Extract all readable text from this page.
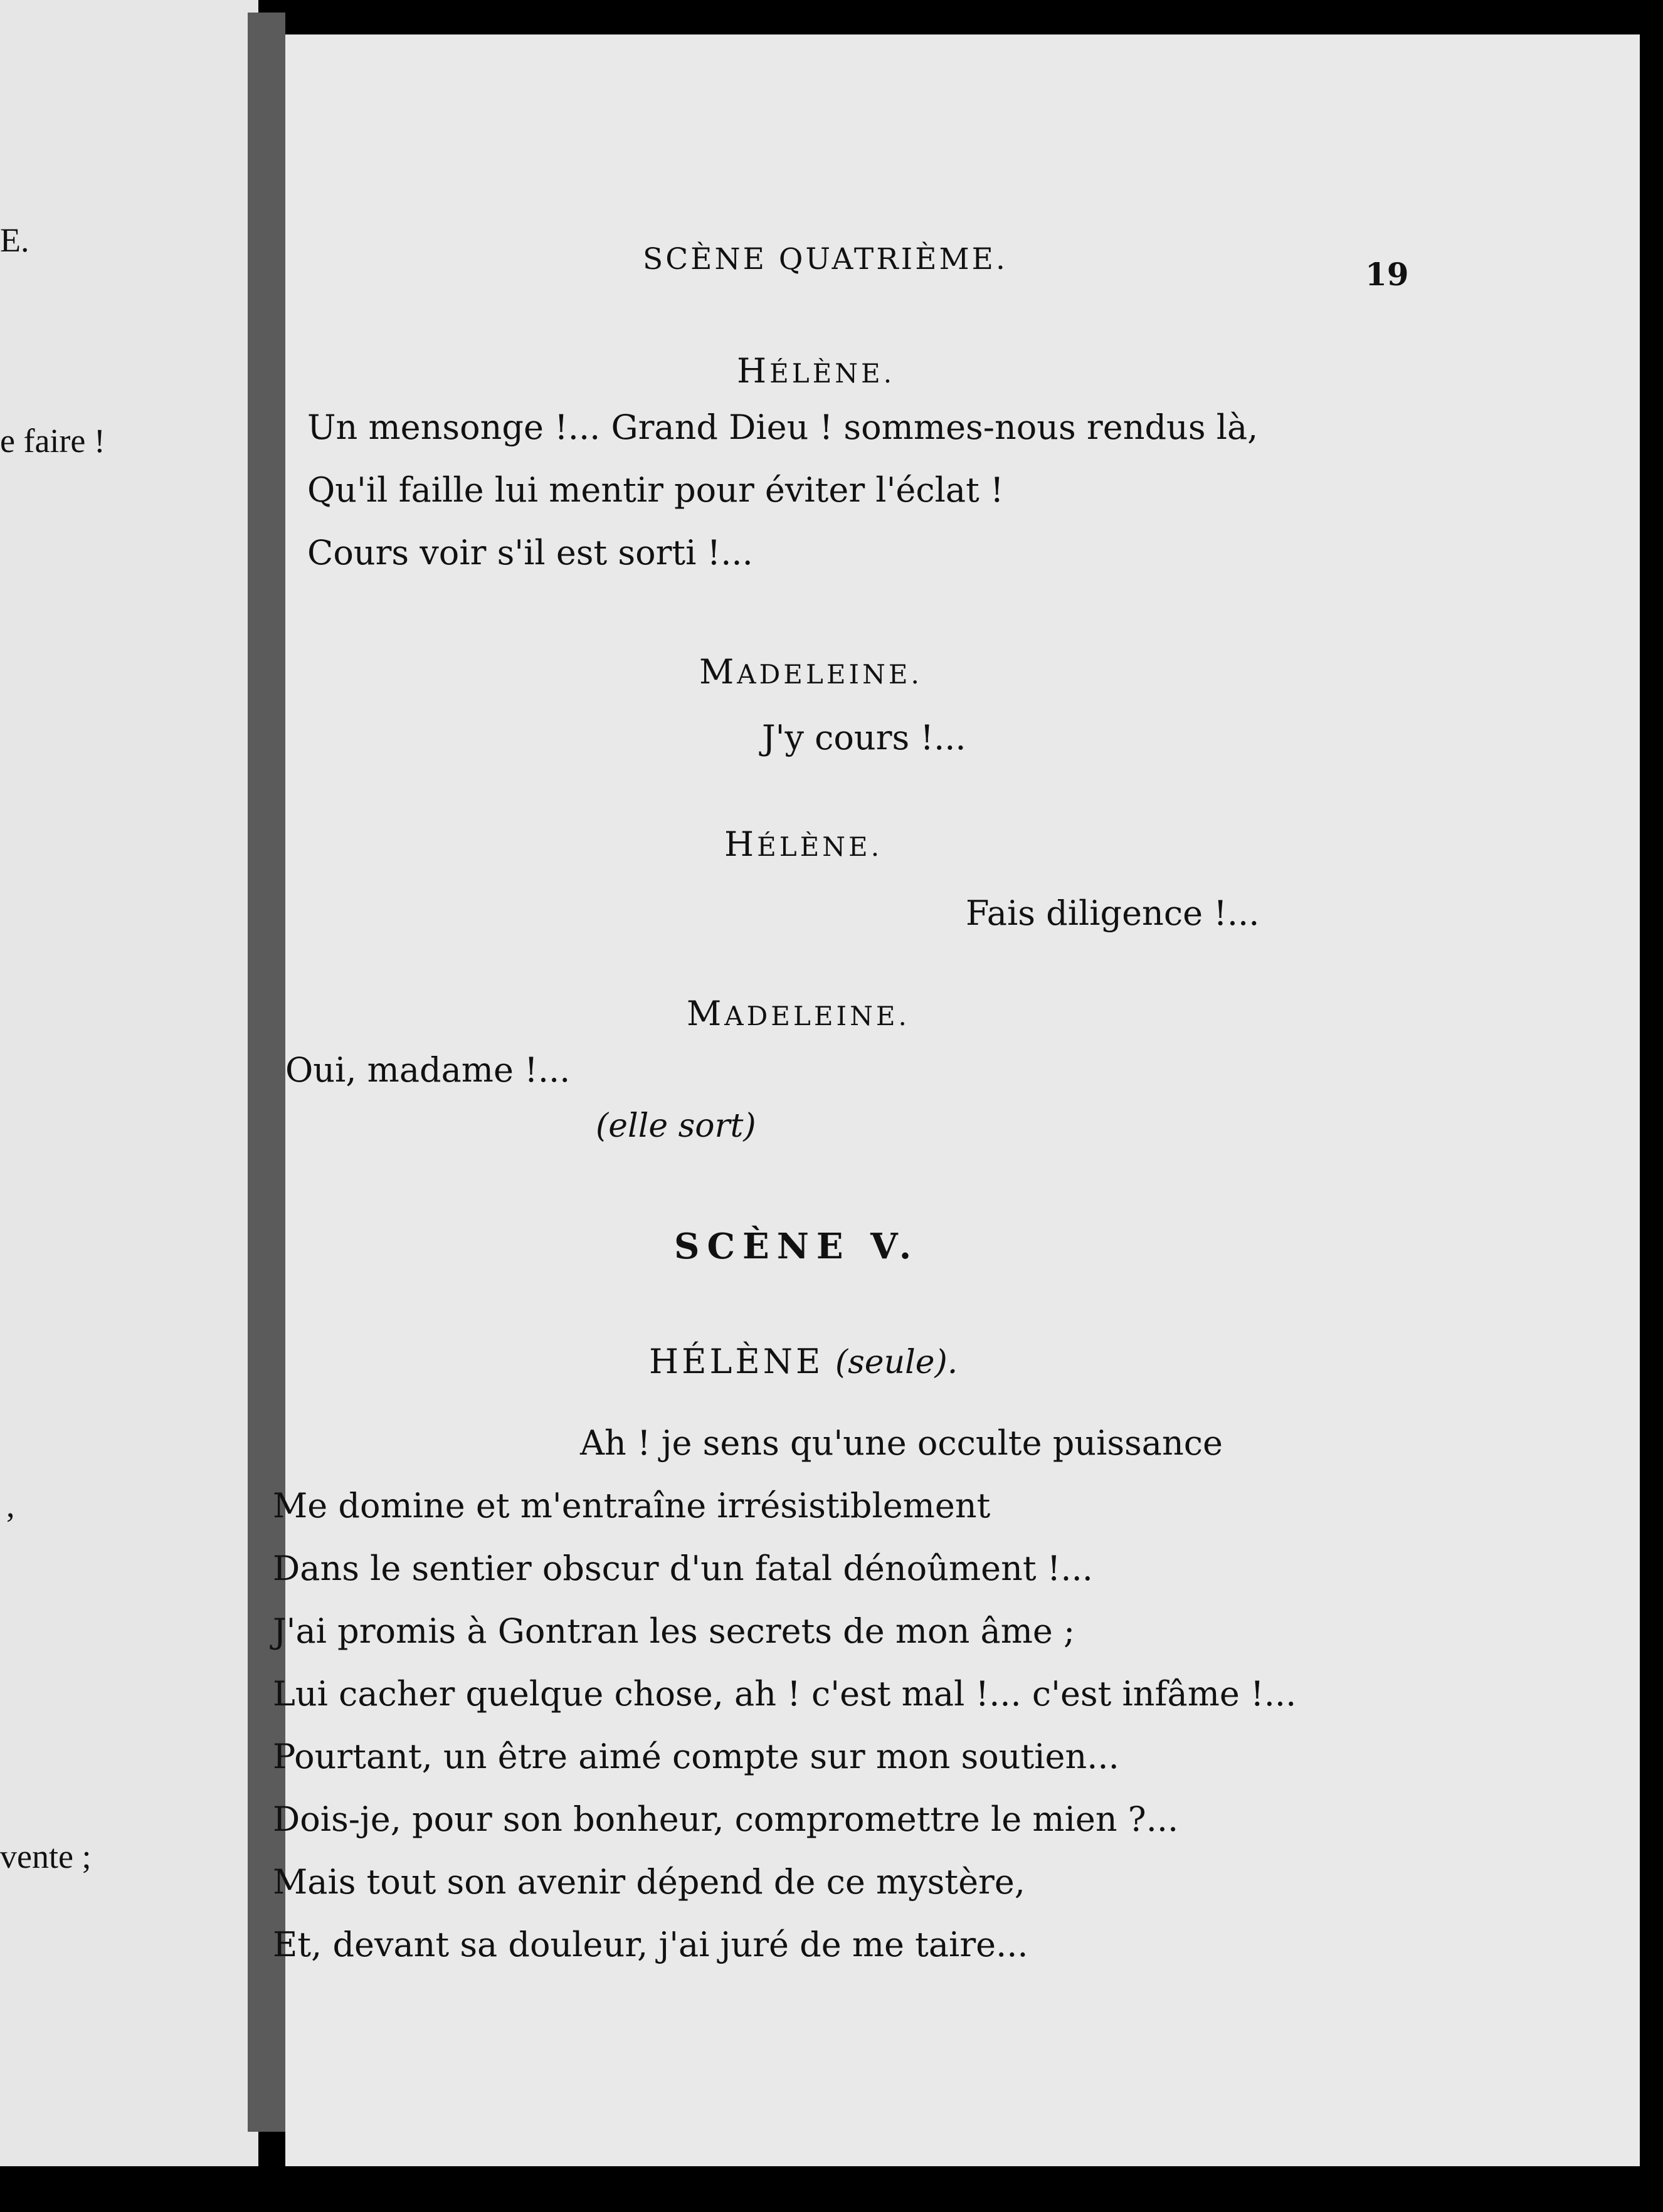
E.
e faire !
,
vente ;
SCÈNE QUATRIÈME.	19
HÉLÈNE.
Un mensonge !... Grand Dieu ! sommes-nous rendus là,
Qu'il faille lui mentir pour éviter l'éclat !
Cours voir s'il est sorti !...
MADELEINE.
J'y cours !...
HÉLÈNE.
Fais diligence !...
MADELEINE.
Oui, madame !...
(elle sort)
SCÈNE V.
HÉLÈNE (seule).
Ah ! je sens qu'une occulte puissance
Me domine et m'entraîne irrésistiblement
Dans le sentier obscur d'un fatal dénoûment !...
J'ai promis à Gontran les secrets de mon âme ;
Lui cacher quelque chose, ah ! c'est mal !... c'est infâme !...
Pourtant, un être aimé compte sur mon soutien...
Dois-je, pour son bonheur, compromettre le mien ?...
Mais tout son avenir dépend de ce mystère,
Et, devant sa douleur, j'ai juré de me taire...
